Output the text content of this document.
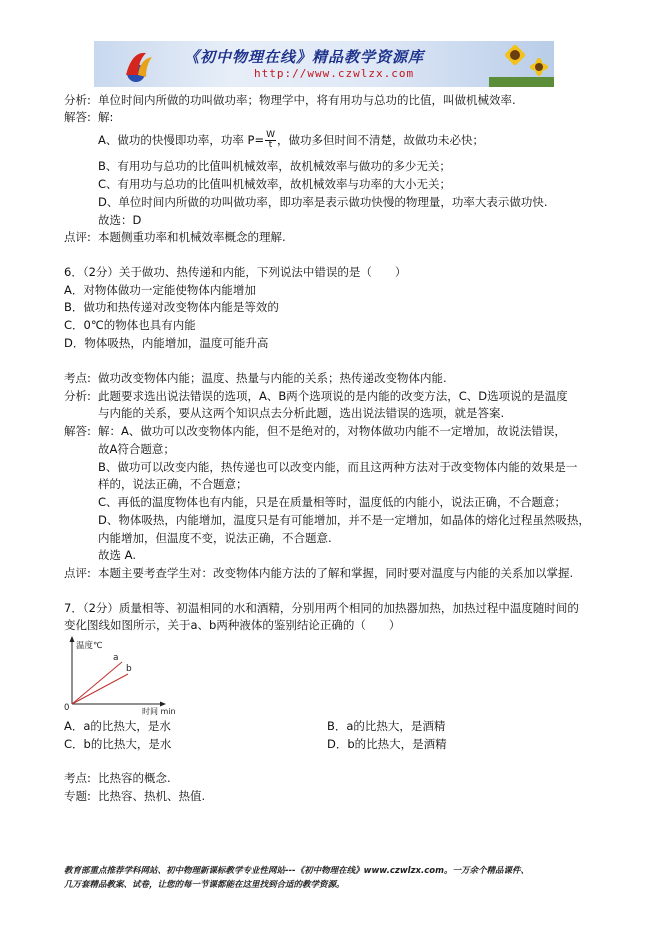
《初中物理在线》精品教学资源库
http://www.czwlzx.com
分析: 单位时间内所做的功叫做功率；物理学中，将有用功与总功的比值，叫做机械效率.
解答: 解:
A、做功的快慢即功率，功率 $P= \frac{W}{t}$ ，做功多但时间不清楚，故做功未必快；
B、有用功与总功的比值叫机械效率，故机械效率与做功的多少无关；
C、有用功与总功的比值叫机械效率，故机械效率与功率的大小无关；
D、单位时间内所做的功叫做功率，即功率是表示做功快慢的物理量，功率大表示做功快.
故选：D
点评: 本题侧重功率和机械效率概念的理解.
6．（2分）关于做功、热传递和内能，下列说法中错误的是（　　）
A．对物体做功一定能使物体内能增加
B．做功和热传递对改变物体内能是等效的
C．0℃的物体也具有内能
D．物体吸热，内能增加，温度可能升高
考点: 做功改变物体内能；温度、热量与内能的关系；热传递改变物体内能.
分析: 此题要求选出说法错误的选项，A、B两个选项说的是内能的改变方法，C、D选项说的是温度
与内能的关系，要从这两个知识点去分析此题，选出说法错误的选项，就是答案.
解答: 解：A、做功可以改变物体内能，但不是绝对的，对物体做功内能不一定增加，故说法错误，
故A符合题意；
B、做功可以改变内能，热传递也可以改变内能，而且这两种方法对于改变物体内能的效果是一
样的，说法正确，不合题意；
C、再低的温度物体也有内能，只是在质量相等时，温度低的内能小，说法正确，不合题意；
D、物体吸热，内能增加，温度只是有可能增加，并不是一定增加，如晶体的熔化过程虽然吸热，
内能增加，但温度不变，说法正确，不合题意.
故选 A.
点评: 本题主要考查学生对：改变物体内能方法的了解和掌握，同时要对温度与内能的关系加以掌握.
7．（2分）质量相等、初温相同的水和酒精，分别用两个相同的加热器加热，加热过程中温度随时间的
变化图线如图所示，关于a、b两种液体的鉴别结论正确的（　　）
温度℃
0	时间 min
a
b
A．a的比热大，是水	B．a的比热大，是酒精
C．b的比热大，是水	D．b的比热大，是酒精
考点: 比热容的概念.
专题: 比热容、热机、热值.
教育部重点推荐学科网站、初中物理新课标教学专业性网站---《初中物理在线》www.czwlzx.com。一万余个精品课件、
几万套精品教案、试卷，让您的每一节课都能在这里找到合适的教学资源。
